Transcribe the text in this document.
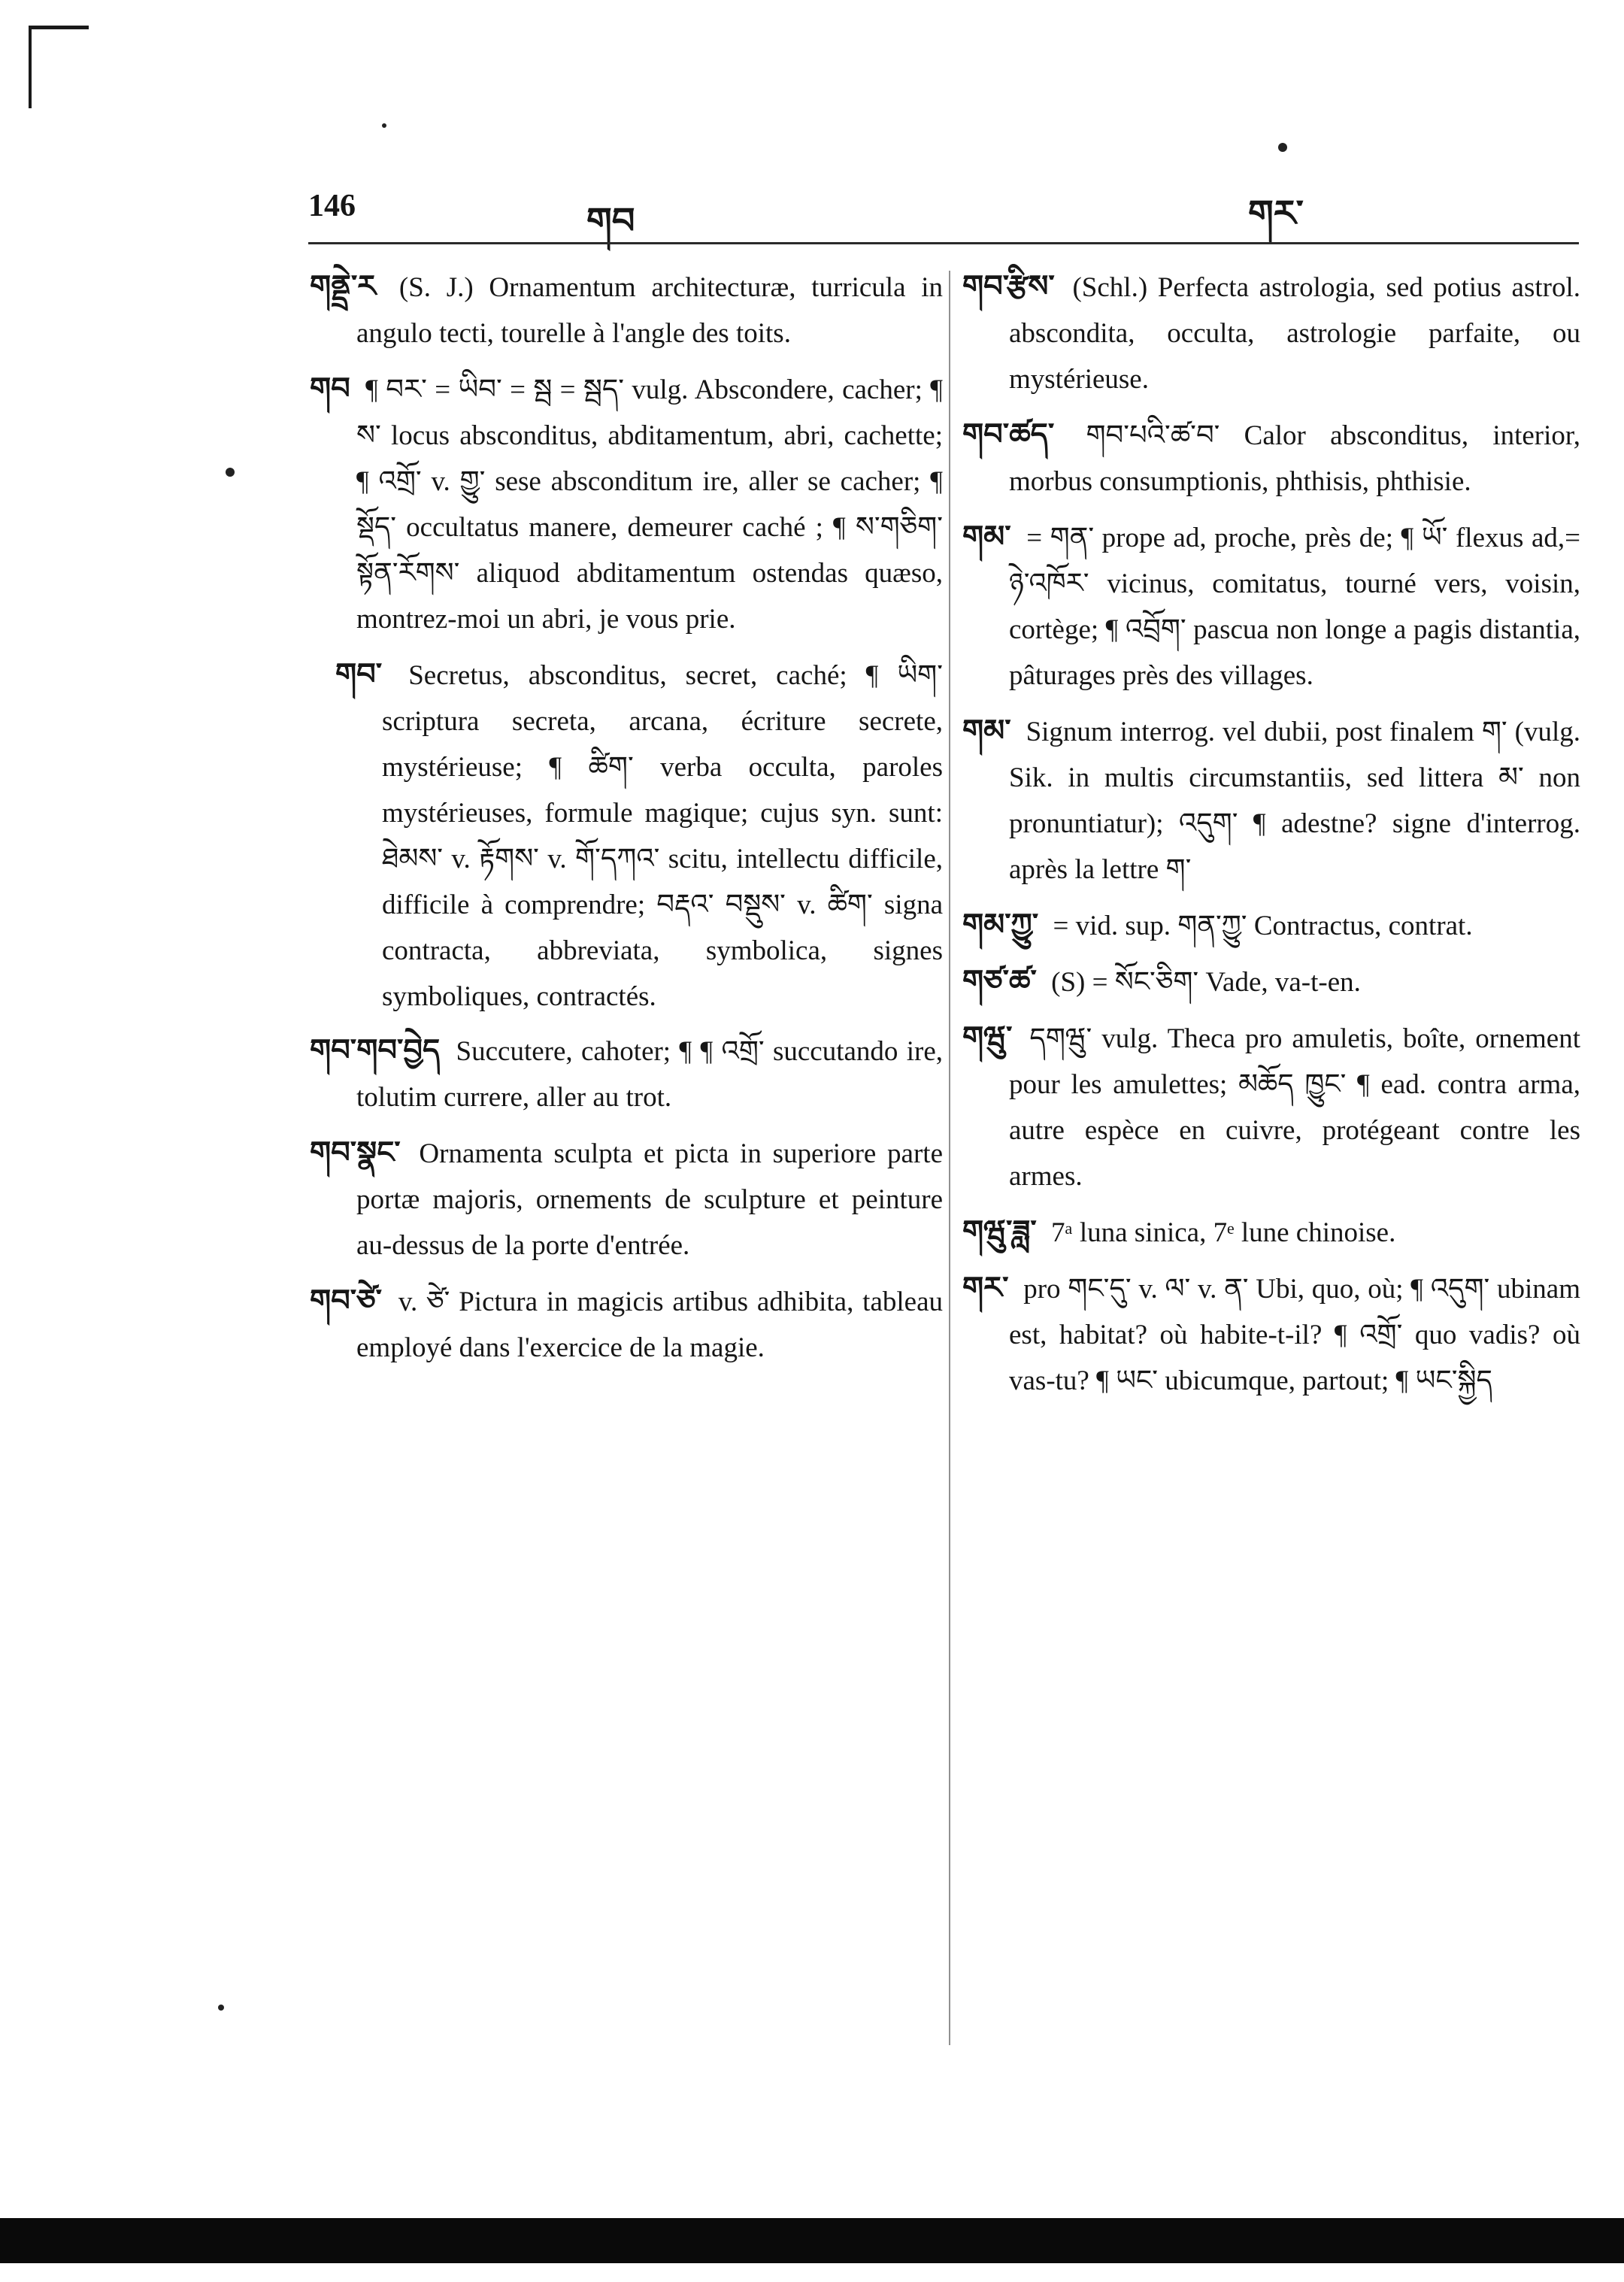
146	གབ	གར་
གནྡྲེ་ར (S. J.) Ornamentum architecturæ, turricula in angulo tecti, tourelle à l'angle des toits.
གབ ¶ བར་ = ཡིབ་ = སྦ = སྦད་ vulg. Abscondere, cacher; ¶ ས་ locus absconditus, abditamentum, abri, cachette; ¶ འགྲོ་ v. གྱུ་ sese absconditum ire, aller se cacher; ¶ སྡོད་ occultatus manere, demeurer caché ; ¶ ས་གཅིག་སྟོན་རོགས་ aliquod abditamentum ostendas quæso, montrez-moi un abri, je vous prie.
གབ་ Secretus, absconditus, secret, caché; ¶ ཡིག་ scriptura secreta, arcana, écriture secrete, mystérieuse; ¶ ཚིག་ verba occulta, paroles mystérieuses, formule magique; cujus syn. sunt: ཐེམས་ v. རྟོགས་ v. གོ་དཀའ་ scitu, intellectu difficile, difficile à comprendre; བརྡའ་ བསྡུས་ v. ཚིག་ signa contracta, abbreviata, symbolica, signes symboliques, contractés.
གབ་གབ་བྱེད Succutere, cahoter; ¶ ¶ འགྲོ་ succutando ire, tolutim currere, aller au trot.
གབ་སྣང་ Ornamenta sculpta et picta in superiore parte portæ majoris, ornements de sculpture et peinture au-dessus de la porte d'entrée.
གབ་ཙེ་ v. ཙེ་ Pictura in magicis artibus adhibita, tableau employé dans l'exercice de la magie.
གབ་རྩིས་ (Schl.) Perfecta astrologia, sed potius astrol. abscondita, occulta, astrologie parfaite, ou mystérieuse.
གབ་ཚད་ གབ་པའི་ཚ་བ་ Calor absconditus, interior, morbus consumptionis, phthisis, phthisie.
གམ་ = གན་ prope ad, proche, près de; ¶ ཡོ་ flexus ad,= ཉེ་འཁོར་ vicinus, comitatus, tourné vers, voisin, cortège; ¶ འབྲོག་ pascua non longe a pagis distantia, pâturages près des villages.
གམ་ Signum interrog. vel dubii, post finalem ག་ (vulg. Sik. in multis circumstantiis, sed littera མ་ non pronuntiatur); འདུག་ ¶ adestne? signe d'interrog. après la lettre ག་
གམ་ཀྱུ་ = vid. sup. གན་ཀྱུ་ Contractus, contrat.
གཙ་ཚ་ (S) = སོང་ཅིག་ Vade, va-t-en.
གཝུ་ དགཝུ་ vulg. Theca pro amuletis, boîte, ornement pour les amulettes; མཆོད ཁྱུང་ ¶ ead. contra arma, autre espèce en cuivre, protégeant contre les armes.
གཝུ་ཟླ་ 7ᵃ luna sinica, 7ᵉ lune chinoise.
གར་ pro གང་དུ་ v. ལ་ v. ན་ Ubi, quo, où; ¶ འདུག་ ubinam est, habitat? où habite-t-il? ¶ འགྲོ་ quo vadis? où vas-tu? ¶ ཡང་ ubicumque, partout; ¶ ཡང་སྐྱིད
